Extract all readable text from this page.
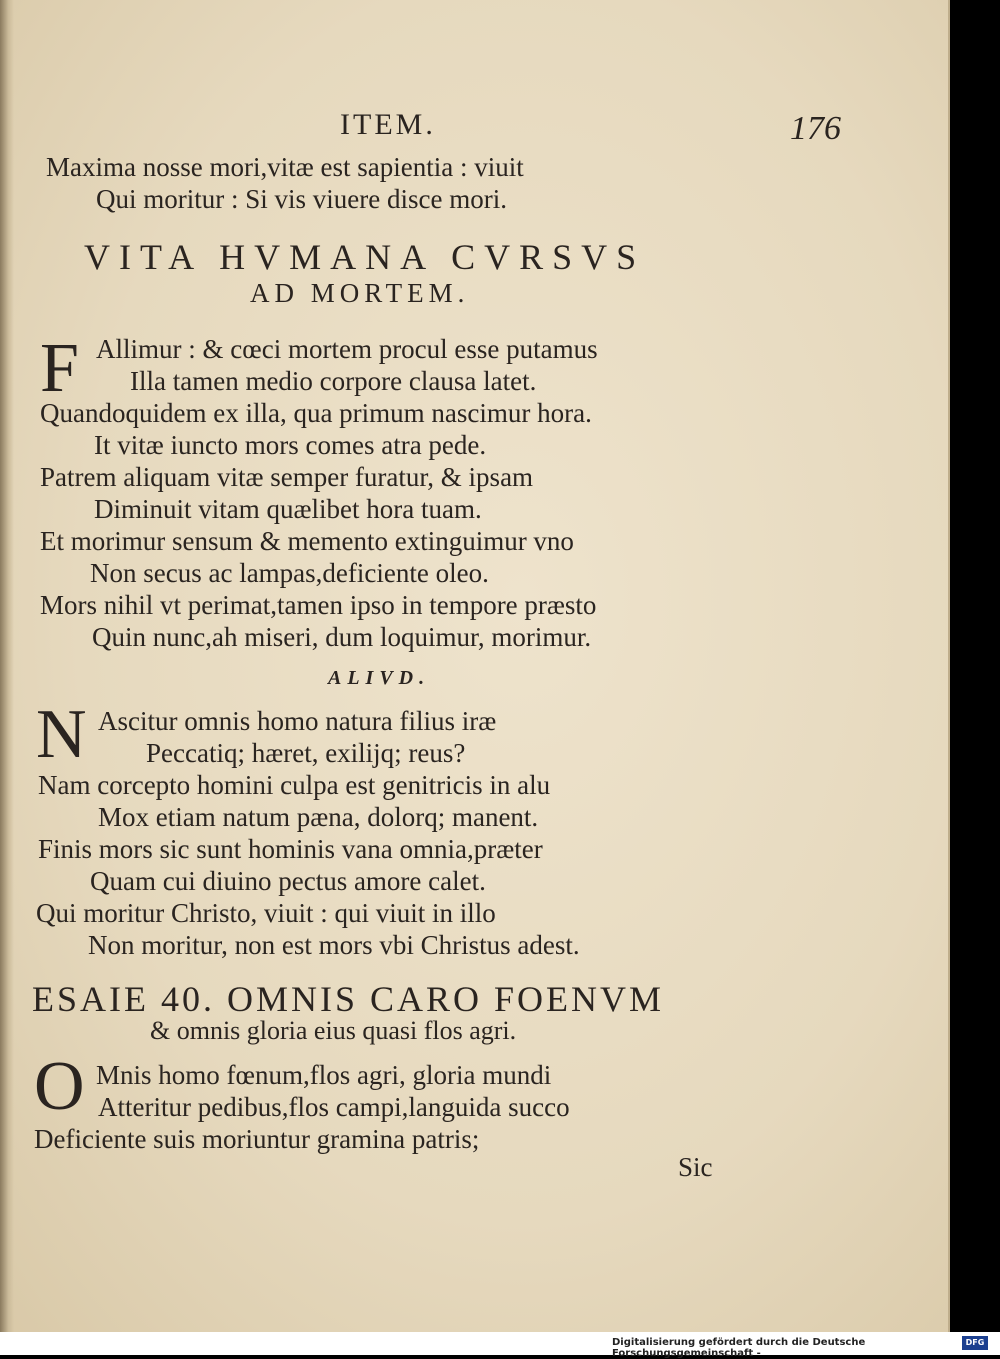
ITEM.	176
Maxima nosse mori,vitæ est sapientia : viuit
Qui moritur : Si vis viuere disce mori.
VITA HVMANA CVRSVS
AD MORTEM.
F Allimur : & cœci mortem procul esse putamus
Illa tamen medio corpore clausa latet.
Quandoquidem ex illa, qua primum nascimur hora.
It vitæ iuncto mors comes atra pede.
Patrem aliquam vitæ semper furatur, & ipsam
Diminuit vitam quælibet hora tuam.
Et morimur sensum & memento extinguimur vno
Non secus ac lampas,deficiente oleo.
Mors nihil vt perimat,tamen ipso in tempore præsto
Quin nunc,ah miseri, dum loquimur, morimur.
ALIVD.
N Ascitur omnis homo natura filius iræ
Peccatiq; hæret, exilijq; reus?
Nam corcepto homini culpa est genitricis in alu
Mox etiam natum pæna, dolorq; manent.
Finis mors sic sunt hominis vana omnia,præter
Quam cui diuino pectus amore calet.
Qui moritur Christo, viuit : qui viuit in illo
Non moritur, non est mors vbi Christus adest.
ESAIE 40. OMNIS CARO FOENVM
& omnis gloria eius quasi flos agri.
O Mnis homo fœnum,flos agri, gloria mundi
Atteritur pedibus,flos campi,languida succo
Deficiente suis moriuntur gramina patris;
Sic
Digitalisierung gefördert durch die Deutsche Forschungsgemeinschaft -
DFG
